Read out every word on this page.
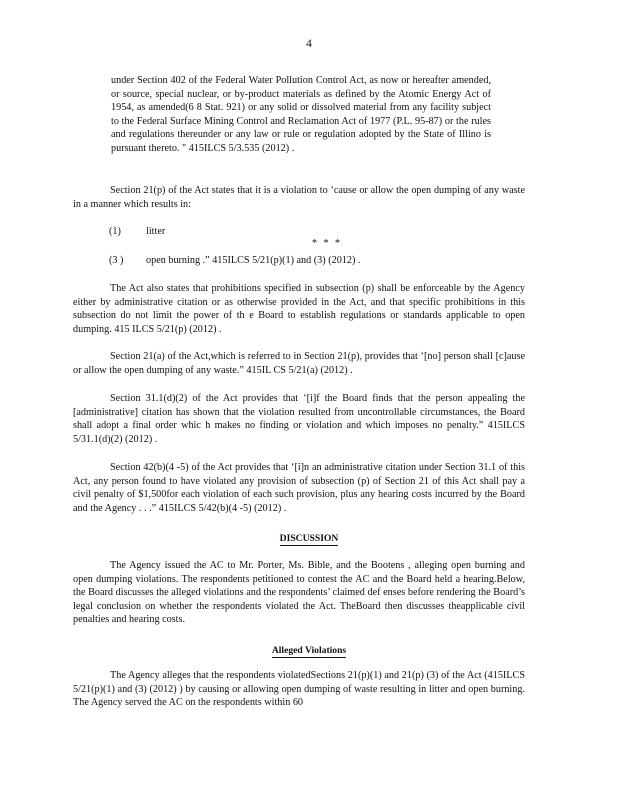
4

under Section 402 of the Federal Water Pollution Control Act, as now or hereafter amended, or source, special nuclear, or by-product materials as defined by the Atomic Energy Act of 1954, as amended(6 8 Stat. 921) or any solid or dissolved material from any facility subject to the Federal Surface Mining Control and Reclamation Act of 1977 (P.L. 95-87) or the rules and regulations thereunder or any law or rule or regulation adopted by the State of Illino is pursuant thereto. " 415ILCS 5/3.535 (2012) .

Section 21(p) of the Act states that it is a violation to ‘cause or allow the open dumping of any waste in a manner which results in:

(1) litter
* * *
(3 ) open burning .” 415ILCS 5/21(p)(1) and (3) (2012) .

The Act also states that prohibitions specified in subsection (p) shall be enforceable by the Agency either by administrative citation or as otherwise provided in the Act, and that specific prohibitions in this subsection do not limit the power of th e Board to establish regulations or standards applicable to open dumping. 415 ILCS 5/21(p) (2012) .

Section 21(a) of the Act,which is referred to in Section 21(p), provides that ‘[no] person shall [c]ause or allow the open dumping of any waste.” 415IL CS 5/21(a) (2012) .

Section 31.1(d)(2) of the Act provides that ‘[i]f the Board finds that the person appealing the [administrative] citation has shown that the violation resulted from uncontrollable circumstances, the Board shall adopt a final order whic h makes no finding or violation and which imposes no penalty.” 415ILCS 5/31.1(d)(2) (2012) .

Section 42(b)(4 -5) of the Act provides that ‘[i]n an administrative citation under Section 31.1 of this Act, any person found to have violated any provision of subsection (p) of Section 21 of this Act shall pay a civil penalty of $1,500for each violation of each such provision, plus any hearing costs incurred by the Board and the Agency . . .” 415ILCS 5/42(b)(4 -5) (2012) .

DISCUSSION

The Agency issued the AC to Mr. Porter, Ms. Bible, and the Bootens , alleging open burning and open dumping violations. The respondents petitioned to contest the AC and the Board held a hearing.Below, the Board discusses the alleged violations and the respondents’ claimed def enses before rendering the Board’s legal conclusion on whether the respondents violated the Act. TheBoard then discusses theapplicable civil penalties and hearing costs.

Alleged Violations

The Agency alleges that the respondents violatedSections 21(p)(1) and 21(p) (3) of the Act (415ILCS 5/21(p)(1) and (3) (2012) ) by causing or allowing open dumping of waste resulting in litter and open burning. The Agency served the AC on the respondents within 60
